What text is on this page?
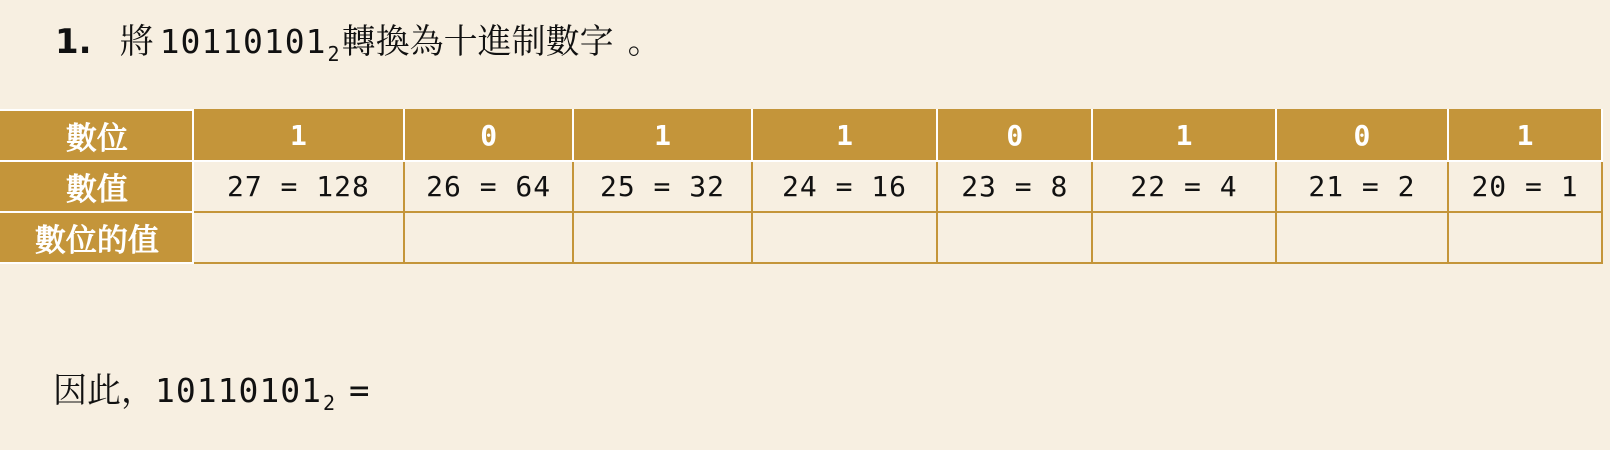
1. 將 10110101 2 轉換為十進制數字 。
數位	1	0	1	1	0	1	0	1
數值	27 = 128	26 = 64	25 = 32	24 = 16	23 = 8	22 = 4	21 = 2	20 = 1
數位的值								
因此， 10110101 2 =
